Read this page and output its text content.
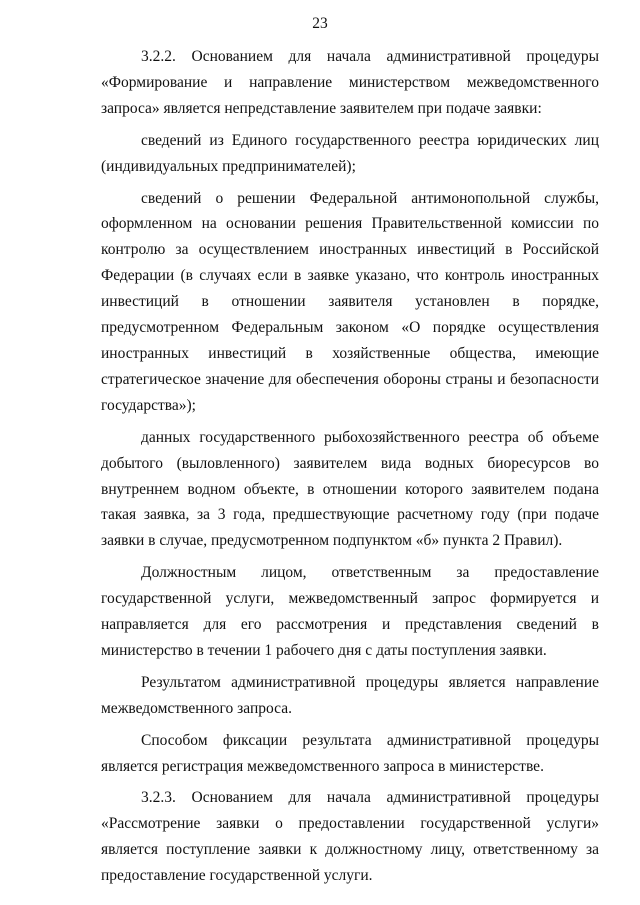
23

3.2.2. Основанием для начала административной процедуры «Формирование и направление министерством межведомственного запроса» является непредставление заявителем при подаче заявки:

сведений из Единого государственного реестра юридических лиц (индивидуальных предпринимателей);

сведений о решении Федеральной антимонопольной службы, оформленном на основании решения Правительственной комиссии по контролю за осуществлением иностранных инвестиций в Российской Федерации (в случаях если в заявке указано, что контроль иностранных инвестиций в отношении заявителя установлен в порядке, предусмотренном Федеральным законом «О порядке осуществления иностранных инвестиций в хозяйственные общества, имеющие стратегическое значение для обеспечения обороны страны и безопасности государства»);

данных государственного рыбохозяйственного реестра об объеме добытого (выловленного) заявителем вида водных биоресурсов во внутреннем водном объекте, в отношении которого заявителем подана такая заявка, за 3 года, предшествующие расчетному году (при подаче заявки в случае, предусмотренном подпунктом «б» пункта 2 Правил).

Должностным лицом, ответственным за предоставление государственной услуги, межведомственный запрос формируется и направляется для его рассмотрения и представления сведений в министерство в течении 1 рабочего дня с даты поступления заявки.

Результатом административной процедуры является направление межведомственного запроса.

Способом фиксации результата административной процедуры является регистрация межведомственного запроса в министерстве.

3.2.3. Основанием для начала административной процедуры «Рассмотрение заявки о предоставлении государственной услуги» является поступление заявки к должностному лицу, ответственному за предоставление государственной услуги.
